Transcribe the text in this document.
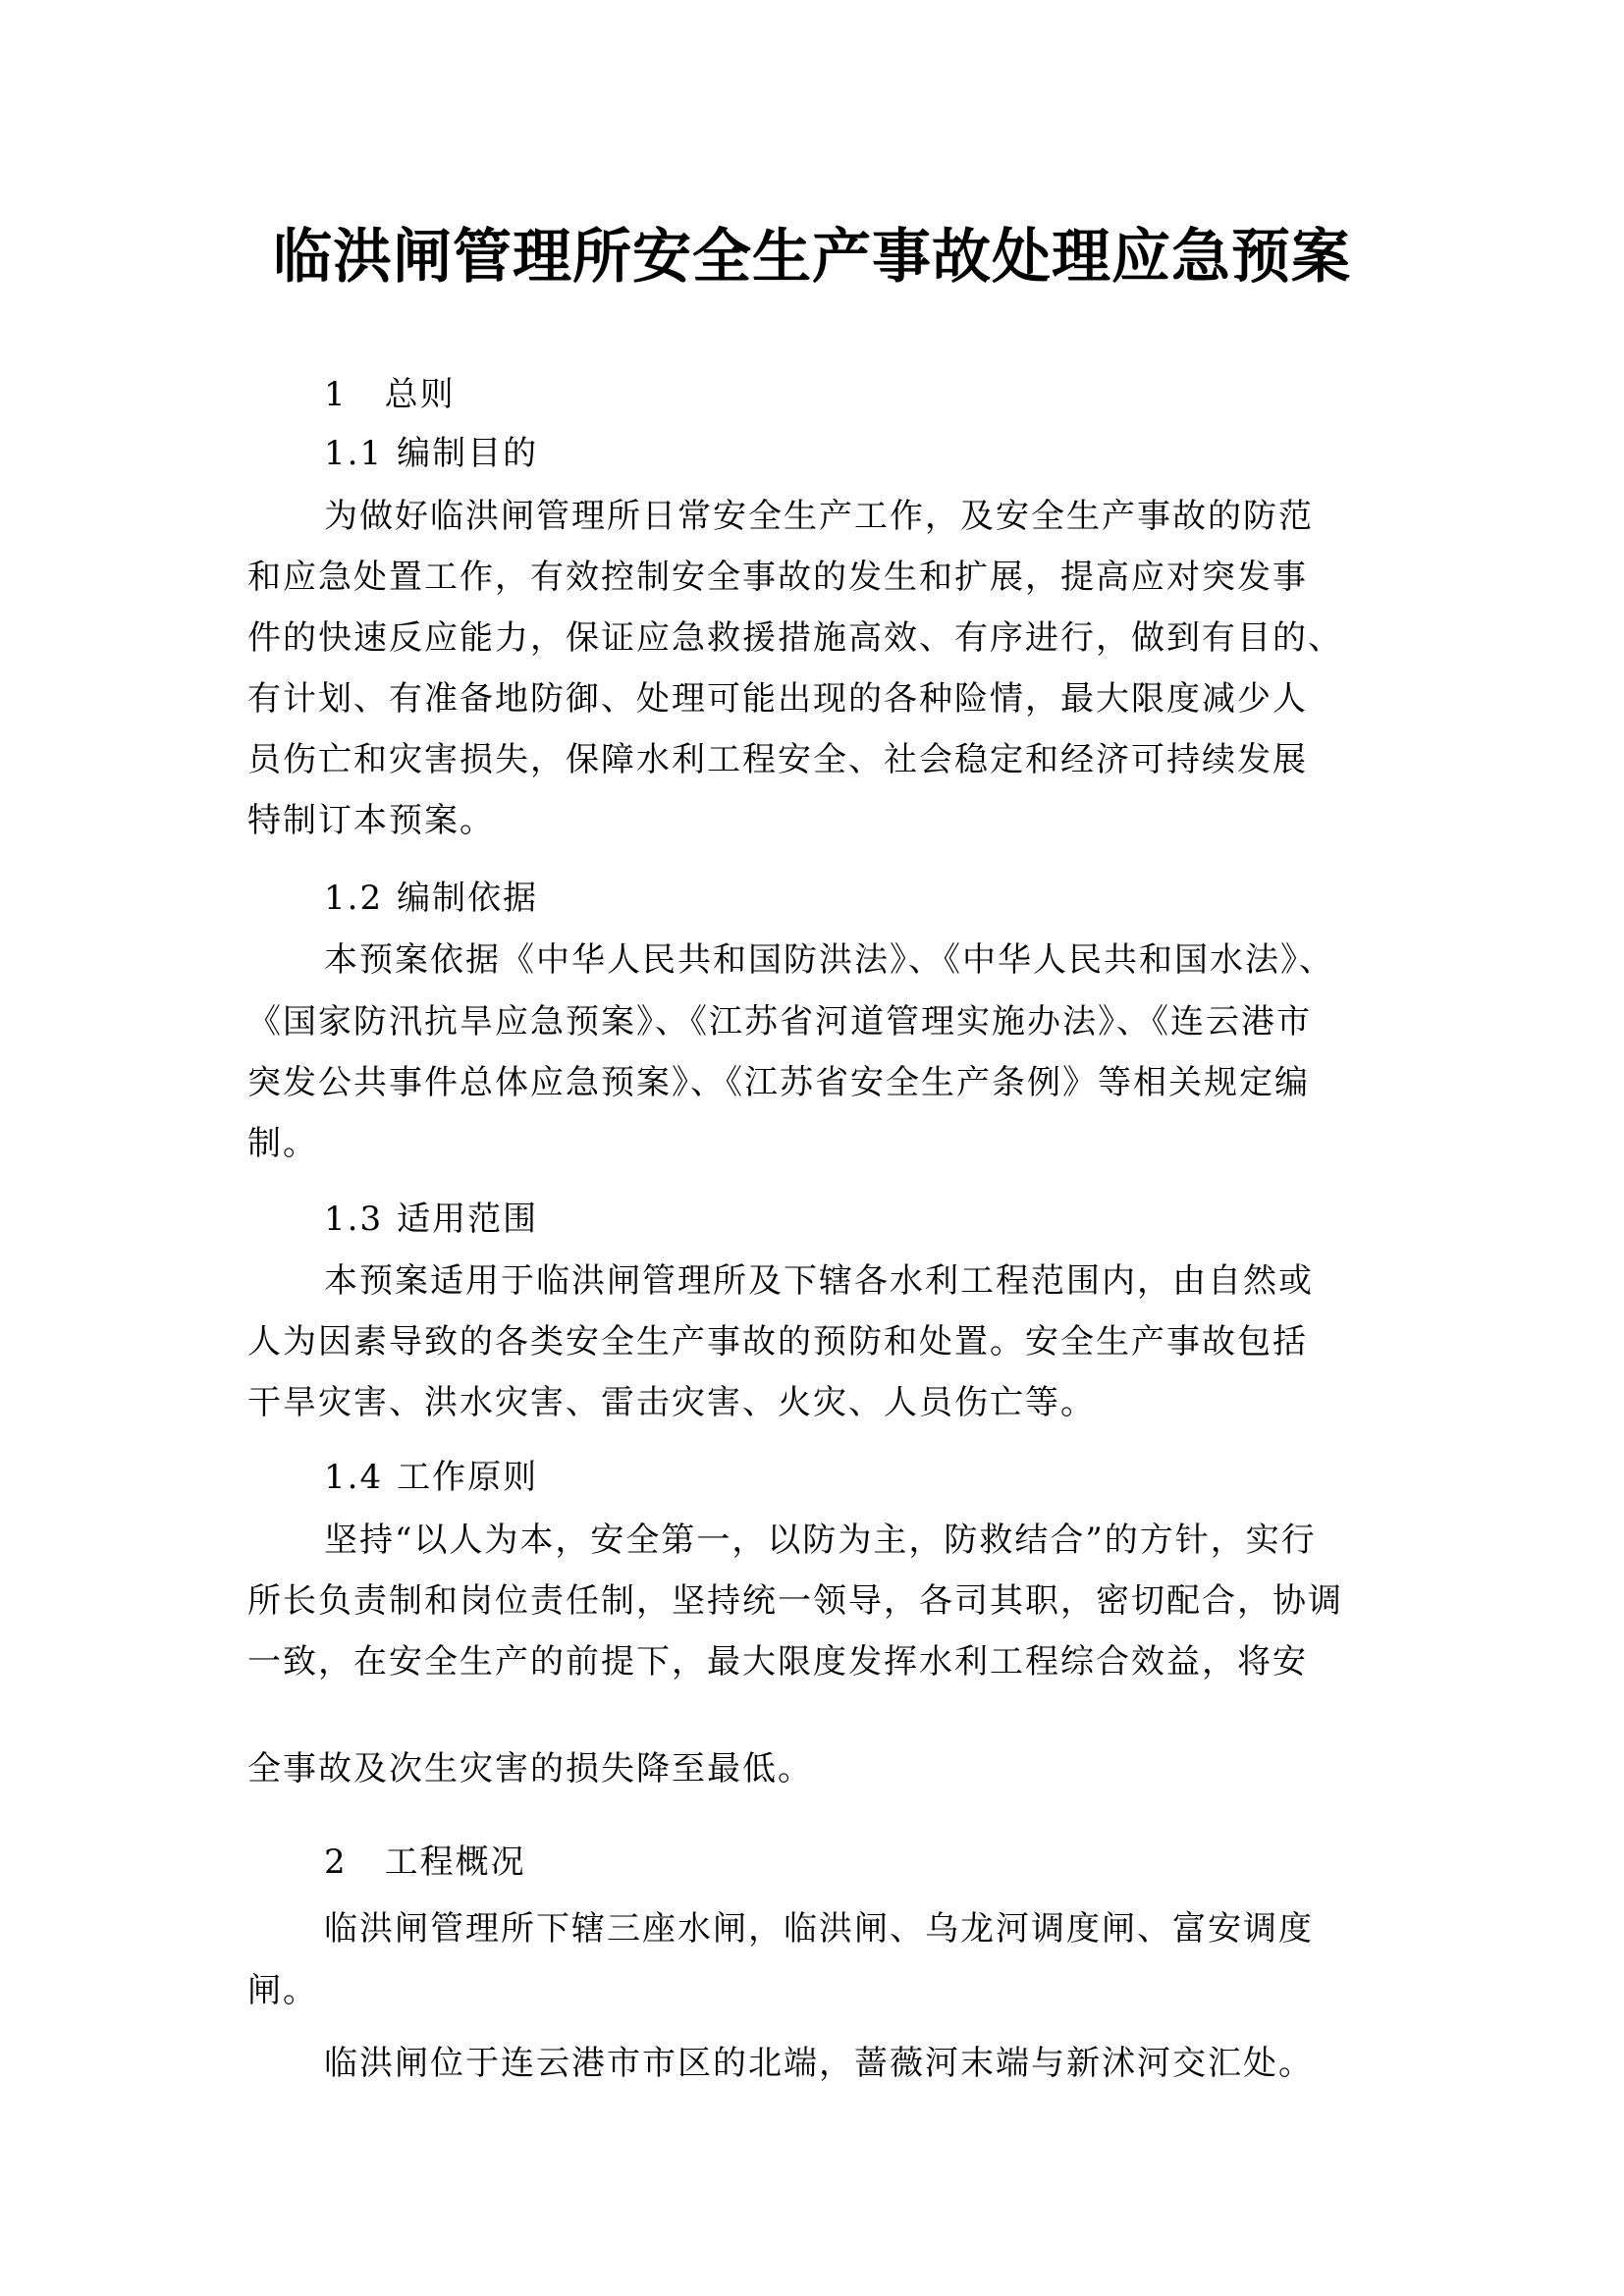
临洪闸管理所安全生产事故处理应急预案
1 总则
1.1 编制目的
为做好临洪闸管理所日常安全生产工作，及安全生产事故的防范
和应急处置工作，有效控制安全事故的发生和扩展，提高应对突发事
件的快速反应能力，保证应急救援措施高效、有序进行，做到有目的、
有计划、有准备地防御、处理可能出现的各种险情，最大限度减少人
员伤亡和灾害损失，保障水利工程安全、社会稳定和经济可持续发展
特制订本预案。
1.2 编制依据
本预案依据《中华人民共和国防洪法》、《中华人民共和国水法》、
《国家防汛抗旱应急预案》、《江苏省河道管理实施办法》、《连云港市
突发公共事件总体应急预案》、《江苏省安全生产条例》等相关规定编
制。
1.3 适用范围
本预案适用于临洪闸管理所及下辖各水利工程范围内，由自然或
人为因素导致的各类安全生产事故的预防和处置。安全生产事故包括
干旱灾害、洪水灾害、雷击灾害、火灾、人员伤亡等。
1.4 工作原则
坚持“以人为本，安全第一，以防为主，防救结合”的方针，实行
所长负责制和岗位责任制，坚持统一领导，各司其职，密切配合，协调
一致，在安全生产的前提下，最大限度发挥水利工程综合效益，将安
全事故及次生灾害的损失降至最低。
2 工程概况
临洪闸管理所下辖三座水闸，临洪闸、乌龙河调度闸、富安调度
闸。
临洪闸位于连云港市市区的北端，蔷薇河末端与新沭河交汇处。
